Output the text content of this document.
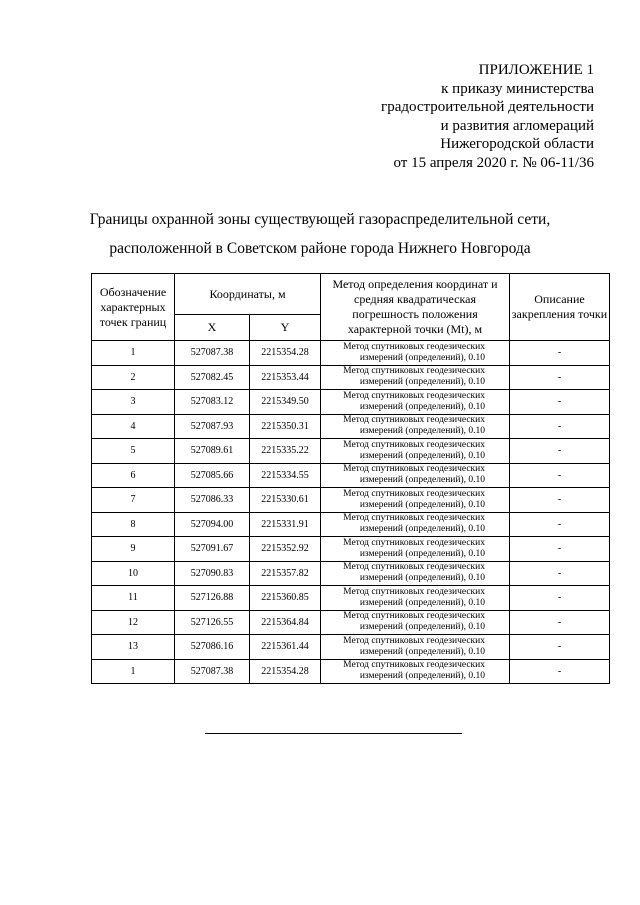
ПРИЛОЖЕНИЕ 1
к приказу министерства
градостроительной деятельности
и развития агломераций
Нижегородской области
от 15 апреля 2020 г. № 06-11/36
Границы охранной зоны существующей газораспределительной сети,
расположенной в Советском районе города Нижнего Новгорода
Обозначение характерных точек границ	Координаты, м		Метод определения координат и средняя квадратическая погрешность положения характерной точки (Mt), м	Описание закрепления точки
	X	Y		
1	527087.38	2215354.28	Метод спутниковых геодезических измерений (определений), 0.10	-
2	527082.45	2215353.44	Метод спутниковых геодезических измерений (определений), 0.10	-
3	527083.12	2215349.50	Метод спутниковых геодезических измерений (определений), 0.10	-
4	527087.93	2215350.31	Метод спутниковых геодезических измерений (определений), 0.10	-
5	527089.61	2215335.22	Метод спутниковых геодезических измерений (определений), 0.10	-
6	527085.66	2215334.55	Метод спутниковых геодезических измерений (определений), 0.10	-
7	527086.33	2215330.61	Метод спутниковых геодезических измерений (определений), 0.10	-
8	527094.00	2215331.91	Метод спутниковых геодезических измерений (определений), 0.10	-
9	527091.67	2215352.92	Метод спутниковых геодезических измерений (определений), 0.10	-
10	527090.83	2215357.82	Метод спутниковых геодезических измерений (определений), 0.10	-
11	527126.88	2215360.85	Метод спутниковых геодезических измерений (определений), 0.10	-
12	527126.55	2215364.84	Метод спутниковых геодезических измерений (определений), 0.10	-
13	527086.16	2215361.44	Метод спутниковых геодезических измерений (определений), 0.10	-
1	527087.38	2215354.28	Метод спутниковых геодезических измерений (определений), 0.10	-
